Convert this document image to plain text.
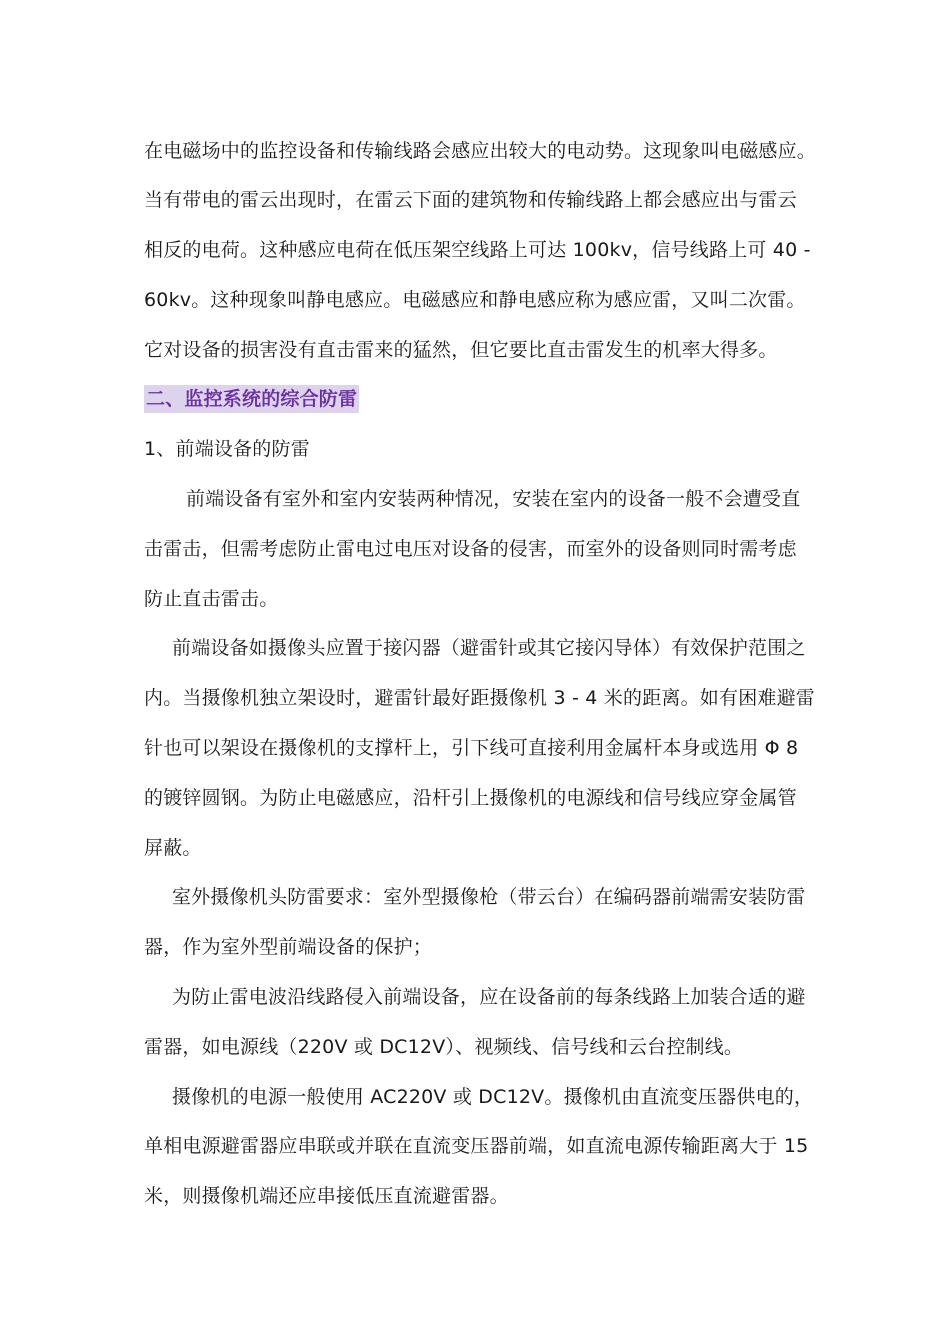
在电磁场中的监控设备和传输线路会感应出较大的电动势。这现象叫电磁感应。
当有带电的雷云出现时，在雷云下面的建筑物和传输线路上都会感应出与雷云
相反的电荷。这种感应电荷在低压架空线路上可达 100kv，信号线路上可 40 -
60kv。这种现象叫静电感应。电磁感应和静电感应称为感应雷，又叫二次雷。
它对设备的损害没有直击雷来的猛然，但它要比直击雷发生的机率大得多。
二、监控系统的综合防雷
1、前端设备的防雷
前端设备有室外和室内安装两种情况，安装在室内的设备一般不会遭受直
击雷击，但需考虑防止雷电过电压对设备的侵害，而室外的设备则同时需考虑
防止直击雷击。
前端设备如摄像头应置于接闪器（避雷针或其它接闪导体）有效保护范围之
内。当摄像机独立架设时，避雷针最好距摄像机 3 - 4 米的距离。如有困难避雷
针也可以架设在摄像机的支撑杆上，引下线可直接利用金属杆本身或选用 Φ 8
的镀锌圆钢。为防止电磁感应，沿杆引上摄像机的电源线和信号线应穿金属管
屏蔽。
室外摄像机头防雷要求：室外型摄像枪（带云台）在编码器前端需安装防雷
器，作为室外型前端设备的保护；
为防止雷电波沿线路侵入前端设备，应在设备前的每条线路上加装合适的避
雷器，如电源线（220V 或 DC12V）、视频线、信号线和云台控制线。
摄像机的电源一般使用 AC220V 或 DC12V。摄像机由直流变压器供电的，
单相电源避雷器应串联或并联在直流变压器前端，如直流电源传输距离大于 15
米，则摄像机端还应串接低压直流避雷器。
